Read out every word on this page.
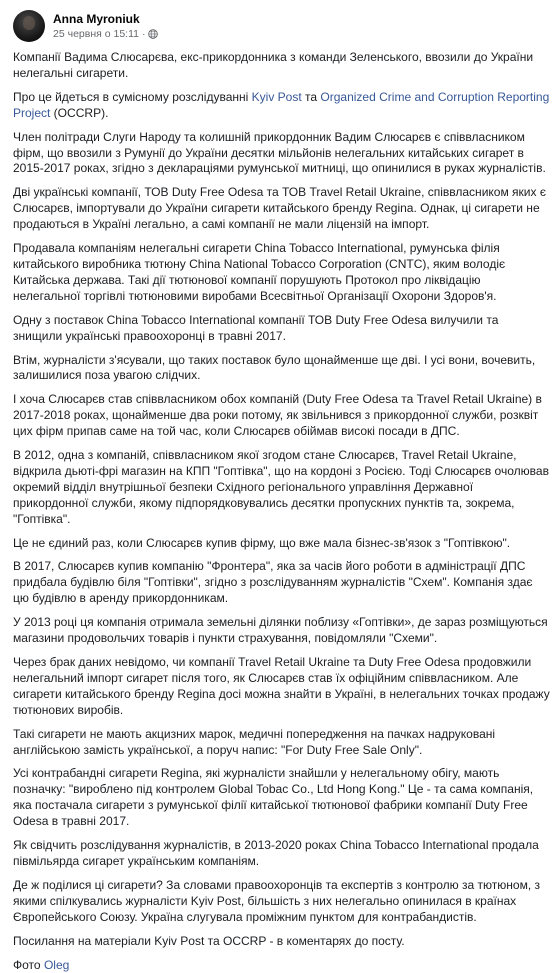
Anna Myroniuk
25 червня о 15:11 ·

Компанії Вадима Слюсарєва, екс-прикордонника з команди Зеленського, ввозили до України нелегальні сигарети.

Про це йдеться в сумісному розслідуванні Kyiv Post та Organized Crime and Corruption Reporting Project (OCCRP).

Член політради Слуги Народу та колишній прикордонник Вадим Слюсарєв є співвласником фірм, що ввозили з Румунії до України десятки мільйонів нелегальних китайських сигарет в 2015-2017 роках, згідно з деклараціями румунської митниці, що опинилися в руках журналістів.

Дві українські компанії, ТОВ Duty Free Odesa та ТОВ Travel Retail Ukraine, співвласником яких є Слюсарєв, імпортували до України сигарети китайського бренду Regina. Однак, ці сигарети не продаються в Україні легально, а самі компанії не мали ліцензій на імпорт.

Продавала компаніям нелегальні сигарети China Tobacco International, румунська філія китайського виробника тютюну China National Tobacco Corporation (CNTC), яким володіє Китайська держава. Такі дії тютюнової компанії порушують Протокол про ліквідацію нелегальної торгівлі тютюновими виробами Всесвітньої Організації Охорони Здоров'я.

Одну з поставок China Tobacco International компанії ТОВ Duty Free Odesa вилучили та знищили українські правоохоронці в травні 2017.

Втім, журналісти з'ясували, що таких поставок було щонайменше ще дві. І усі вони, вочевить, залишилися поза увагою слідчих.

І хоча Слюсарєв став співвласником обох компаній (Duty Free Odesa та Travel Retail Ukraine) в 2017-2018 роках, щонайменше два роки потому, як звільнився з прикордонної служби, розквіт цих фірм припав саме на той час, коли Слюсарєв обіймав високі посади в ДПС.

В 2012, одна з компаній, співвласником якої згодом стане Слюсарєв, Travel Retail Ukraine, відкрила дьюті-фрі магазин на КПП "Гоптівка", що на кордоні з Росією. Тоді Слюсарєв очолював окремий відділ внутрішньої безпеки Східного регіонального управління Державної прикордонної служби, якому підпорядковувались десятки пропускних пунктів та, зокрема, "Гоптівка".

Це не єдиний раз, коли Слюсарєв купив фірму, що вже мала бізнес-зв'язок з "Гоптівкою".

В 2017, Слюсарєв купив компанію "Фронтера", яка за часів його роботи в адміністрації ДПС придбала будівлю біля "Гоптівки", згідно з розслідуванням журналістів "Схем". Компанія здає цю будівлю в аренду прикордонникам.

У 2013 році ця компанія отримала земельні ділянки поблизу «Гоптівки», де зараз розміщуються магазини продовольчих товарів і пункти страхування, повідомляли "Схеми".

Через брак даних невідомо, чи компанії Travel Retail Ukraine та Duty Free Odesa продовжили нелегальний імпорт сигарет після того, як Слюсарєв став їх офіційним співвласником. Але сигарети китайського бренду Regina досі можна знайти в Україні, в нелегальних точках продажу тютюнових виробів.

Такі сигарети не мають акцизних марок, медичні попередження на пачках надруковані англійською замість української, а поруч напис: "For Duty Free Sale Only".

Усі контрабандні сигарети Regina, які журналісти знайшли у нелегальному обігу, мають позначку: "вироблено під контролем Global Tobac Co., Ltd Hong Kong." Це - та сама компанія, яка постачала сигарети з румунської філії китайської тютюнової фабрики компанії Duty Free Odesa в травні 2017.

Як свідчить розслідування журналістів, в 2013-2020 роках China Tobacco International продала півмільярда сигарет українським компаніям.

Де ж поділися ці сигарети? За словами правоохоронців та експертів з контролю за тютюном, з якими спілкувались журналісти Kyiv Post, більшість з них нелегально опинилася в країнах Європейського Союзу. Україна слугувала проміжним пунктом для контрабандистів.

Посилання на матеріали Kyiv Post та OCCRP - в коментарях до посту.

Фото Oleg
